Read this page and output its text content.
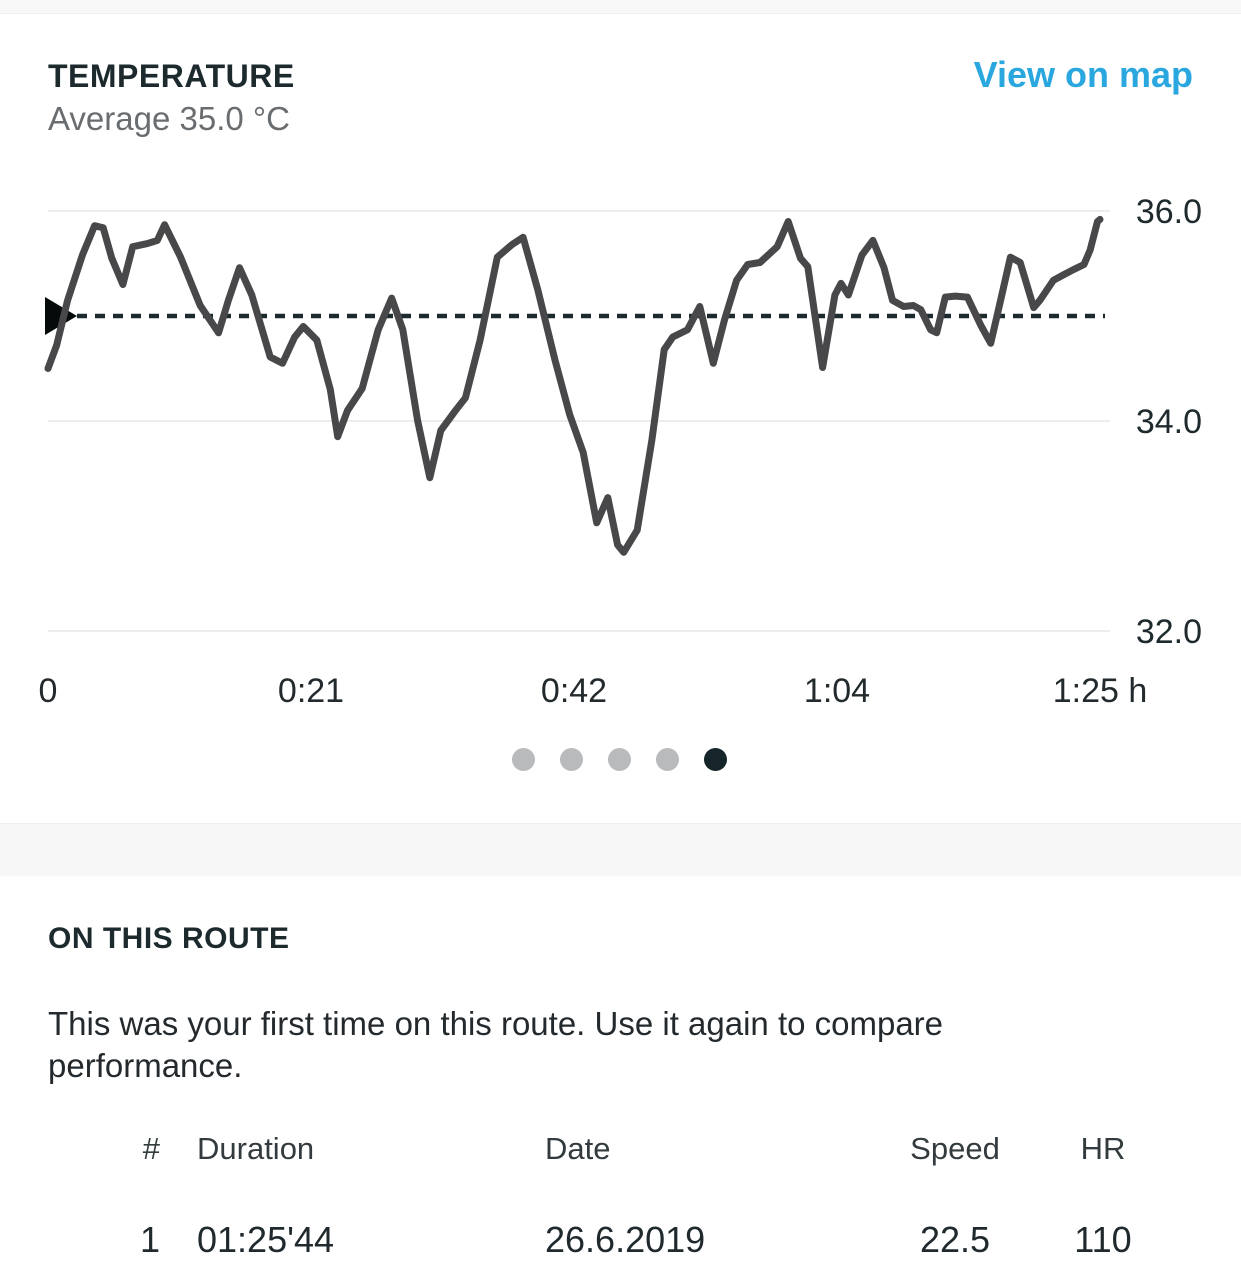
TEMPERATURE
Average 35.0 °C
View on map
36.0
34.0
32.0
0	0:21	0:42	1:04	1:25 h
ON THIS ROUTE
This was your first time on this route. Use it again to compare
performance.
# Duration	Date	Speed	HR
1 01:25'44	26.6.2019	22.5	110
